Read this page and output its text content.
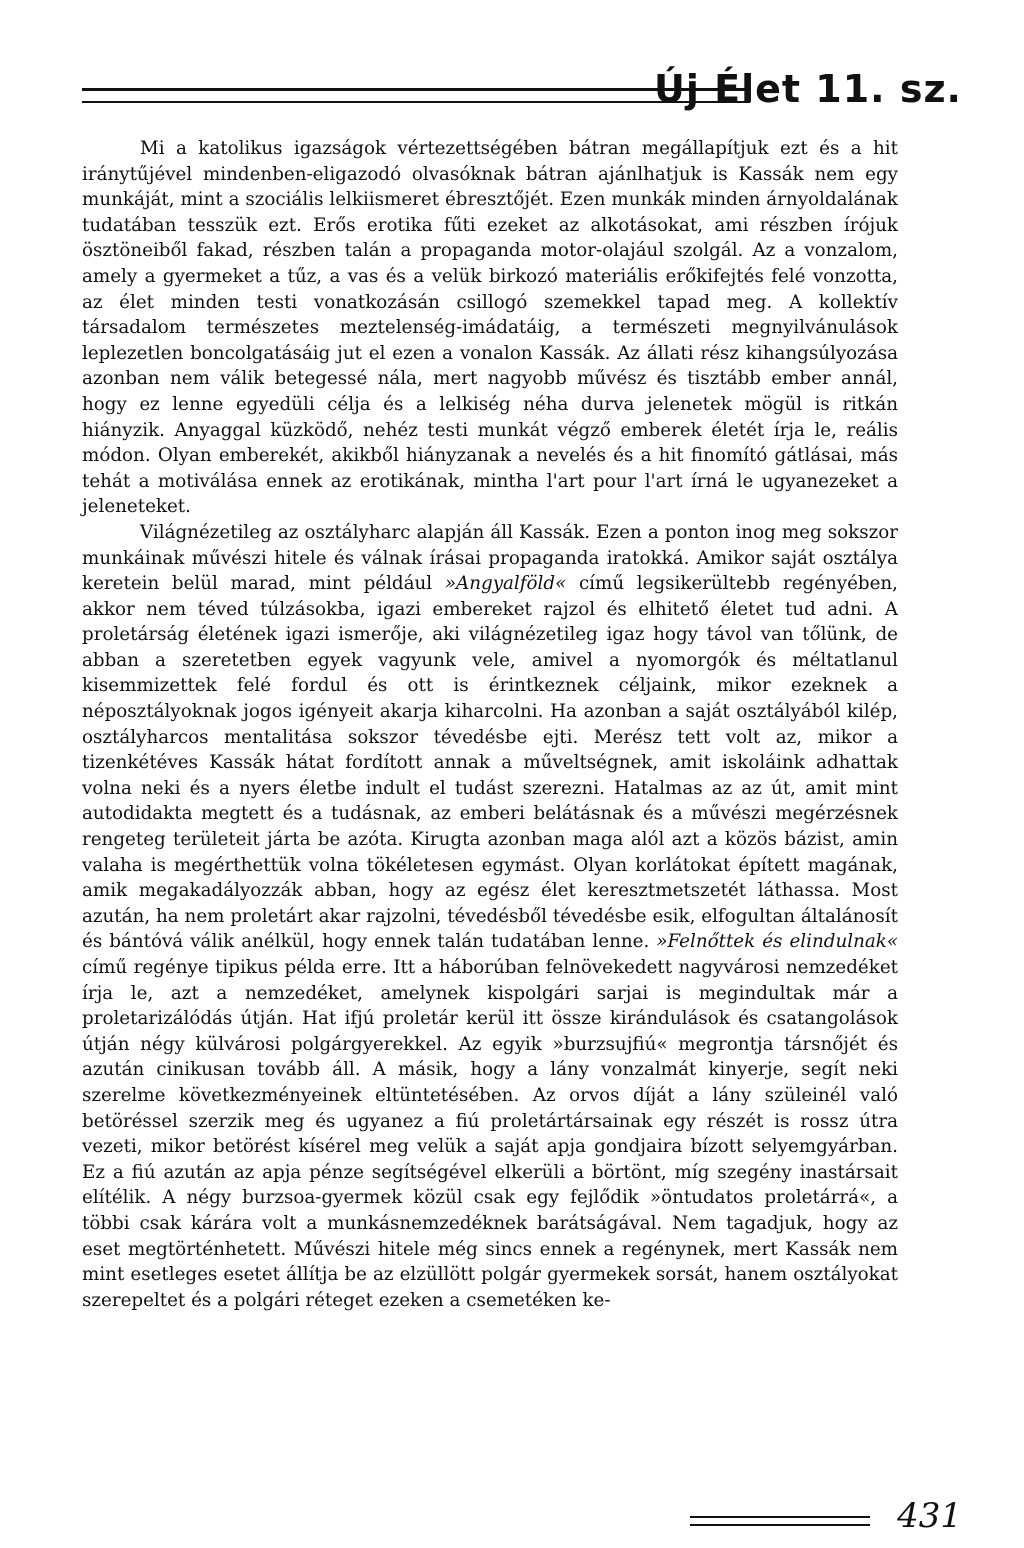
Új Élet 11. sz.

Mi a katolikus igazságok vértezettségében bátran megállapítjuk ezt és a hit iránytűjével mindenben-eligazodó olvasóknak bátran ajánlhatjuk is Kassák nem egy munkáját, mint a szociális lelkiismeret ébresztőjét. Ezen munkák minden árnyoldalának tudatában tesszük ezt. Erős erotika fűti ezeket az alkotásokat, ami részben írójuk ösztöneiből fakad, részben talán a propaganda motor-olajául szolgál. Az a vonzalom, amely a gyermeket a tűz, a vas és a velük birkozó materiális erőkifejtés felé vonzotta, az élet minden testi vonatkozásán csillogó szemekkel tapad meg. A kollektív társadalom természetes meztelenség-imádatáig, a természeti megnyilvánulások leplezetlen boncolgatásáig jut el ezen a vonalon Kassák. Az állati rész kihangsúlyozása azonban nem válik betegessé nála, mert nagyobb művész és tisztább ember annál, hogy ez lenne egyedüli célja és a lelkiség néha durva jelenetek mögül is ritkán hiányzik. Anyaggal küzködő, nehéz testi munkát végző emberek életét írja le, reális módon. Olyan emberekét, akikből hiányzanak a nevelés és a hit finomító gátlásai, más tehát a motiválása ennek az erotikának, mintha l'art pour l'art írná le ugyanezeket a jeleneteket.

Világnézetileg az osztályharc alapján áll Kassák. Ezen a ponton inog meg sokszor munkáinak művészi hitele és válnak írásai propaganda iratokká. Amikor saját osztálya keretein belül marad, mint például »Angyalföld« című legsikerültebb regényében, akkor nem téved túlzásokba, igazi embereket rajzol és elhitető életet tud adni. A proletárság életének igazi ismerője, aki világnézetileg igaz hogy távol van tőlünk, de abban a szeretetben egyek vagyunk vele, amivel a nyomorgók és méltatlanul kisemmizettek felé fordul és ott is érintkeznek céljaink, mikor ezeknek a néposztályoknak jogos igényeit akarja kiharcolni. Ha azonban a saját osztályából kilép, osztályharcos mentalitása sokszor tévedésbe ejti. Merész tett volt az, mikor a tizenkétéves Kassák hátat fordított annak a műveltségnek, amit iskoláink adhattak volna neki és a nyers életbe indult el tudást szerezni. Hatalmas az az út, amit mint autodidakta megtett és a tudásnak, az emberi belátásnak és a művészi megérzésnek rengeteg területeit járta be azóta. Kirugta azonban maga alól azt a közös bázist, amin valaha is megérthettük volna tökéletesen egymást. Olyan korlátokat épített magának, amik megakadályozzák abban, hogy az egész élet keresztmetszetét láthassa. Most azután, ha nem proletárt akar rajzolni, tévedésből tévedésbe esik, elfogultan általánosít és bántóvá válik anélkül, hogy ennek talán tudatában lenne. »Felnőttek és elindulnak« című regénye tipikus példa erre. Itt a háborúban felnövekedett nagyvárosi nemzedéket írja le, azt a nemzedéket, amelynek kispolgári sarjai is megindultak már a proletarizálódás útján. Hat ifjú proletár kerül itt össze kirándulások és csatangolások útján négy külvárosi polgárgyerekkel. Az egyik »burzsujfiú« megrontja társnőjét és azután cinikusan tovább áll. A másik, hogy a lány vonzalmát kinyerje, segít neki szerelme következményeinek eltüntetésében. Az orvos díját a lány szüleinél való betöréssel szerzik meg és ugyanez a fiú proletártársainak egy részét is rossz útra vezeti, mikor betörést kísérel meg velük a saját apja gondjaira bízott selyemgyárban. Ez a fiú azután az apja pénze segítségével elkerüli a börtönt, míg szegény inastársait elítélik. A négy burzsoa-gyermek közül csak egy fejlődik »öntudatos proletárrá«, a többi csak kárára volt a munkásnemzedéknek barátságával. Nem tagadjuk, hogy az eset megtörténhetett. Művészi hitele még sincs ennek a regénynek, mert Kassák nem mint esetleges esetet állítja be az elzüllött polgár gyermekek sorsát, hanem osztályokat szerepeltet és a polgári réteget ezeken a csemetéken ke-

431
